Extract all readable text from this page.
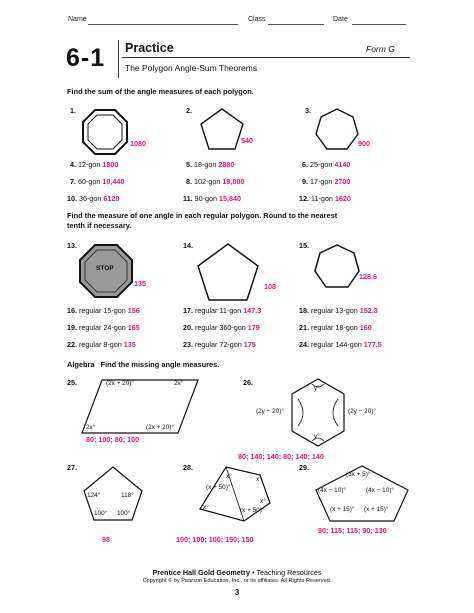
Name	Class	Date
6-1 Practice	Form G
The Polygon Angle-Sum Theorems
Find the sum of the angle measures of each polygon.
1.
1080
2.
540
3.
900
4. 12-gon 1800	5. 18-gon 2880	6. 25-gon 4140
7. 60-gon 10,440	8. 102-gon 18,000	9. 17-gon 2700
10. 36-gon 6120	11. 90-gon 15,840	12. 11-gon 1620
Find the measure of one angle in each regular polygon. Round to the nearest
tenth if necessary.
13.
STOP
135
14.
108
15.
128.6
16. regular 15-gon 156	17. regular 11-gon 147.3	18. regular 13-gon 152.3
19. regular 24-gon 165	20. regular 360-gon 179	21. regular 18-gon 160
22. regular 8-gon 135	23. regular 72-gon 175	24. regular 144-gon 177.5
Algebra Find the missing angle measures.
25.	(2x + 20)°	2x°
2x°	(2x + 20)°
80; 100; 80; 100
26.
y°
(2y − 20)°	(2y − 20)°
y°
80; 140; 140; 80; 140; 140
27.
124°	118°
100° 100°
98
28.
x°
(x + 50)°
x°
x°	(x + 50)°
x°
100; 100; 100; 150; 150
29.
(3x + 5)°
(4x − 10)°	(4x − 10)°
(x + 15)° (x + 15)°
90; 115; 115; 90; 130
Prentice Hall Gold Geometry • Teaching Resources
Copyright © by Pearson Education, Inc., or its affiliates. All Rights Reserved.
3
